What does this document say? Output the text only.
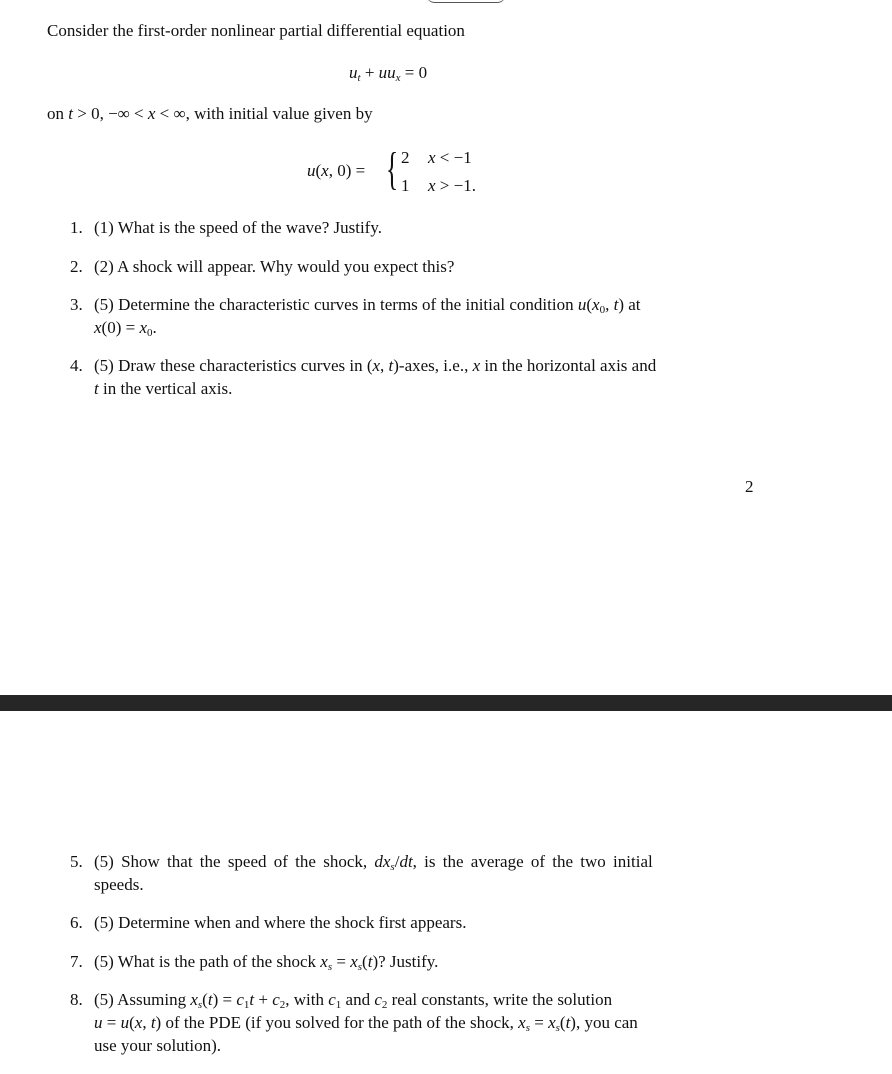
Consider the first-order nonlinear partial differential equation
$u_t + uu_x = 0$
on t > 0, −∞ < x < ∞, with initial value given by
u(x, 0) = { 2 x < −1
1 x > −1.
1. (1) What is the speed of the wave? Justify.
2. (2) A shock will appear. Why would you expect this?
3. (5) Determine the characteristic curves in terms of the initial condition $u(x_0$, t) at
$x(0) = x_0$.
4. (5) Draw these characteristics curves in (x, t)-axes, i.e., x in the horizontal axis and
t in the vertical axis.
2
5. (5) Show that the speed of the shock, $dx_s/dt$, is the average of the two initial
speeds.
6. (5) Determine when and where the shock first appears.
7. (5) What is the path of the shock $x_s = x_s(t)$? Justify.
8. (5) Assuming $x_s(t) = c_1t + c_2$, with $c_1$ and $c_2$ real constants, write the solution
u = u(x, t) of the PDE (if you solved for the path of the shock, $x_s = x_s(t)$, you can
use your solution).
